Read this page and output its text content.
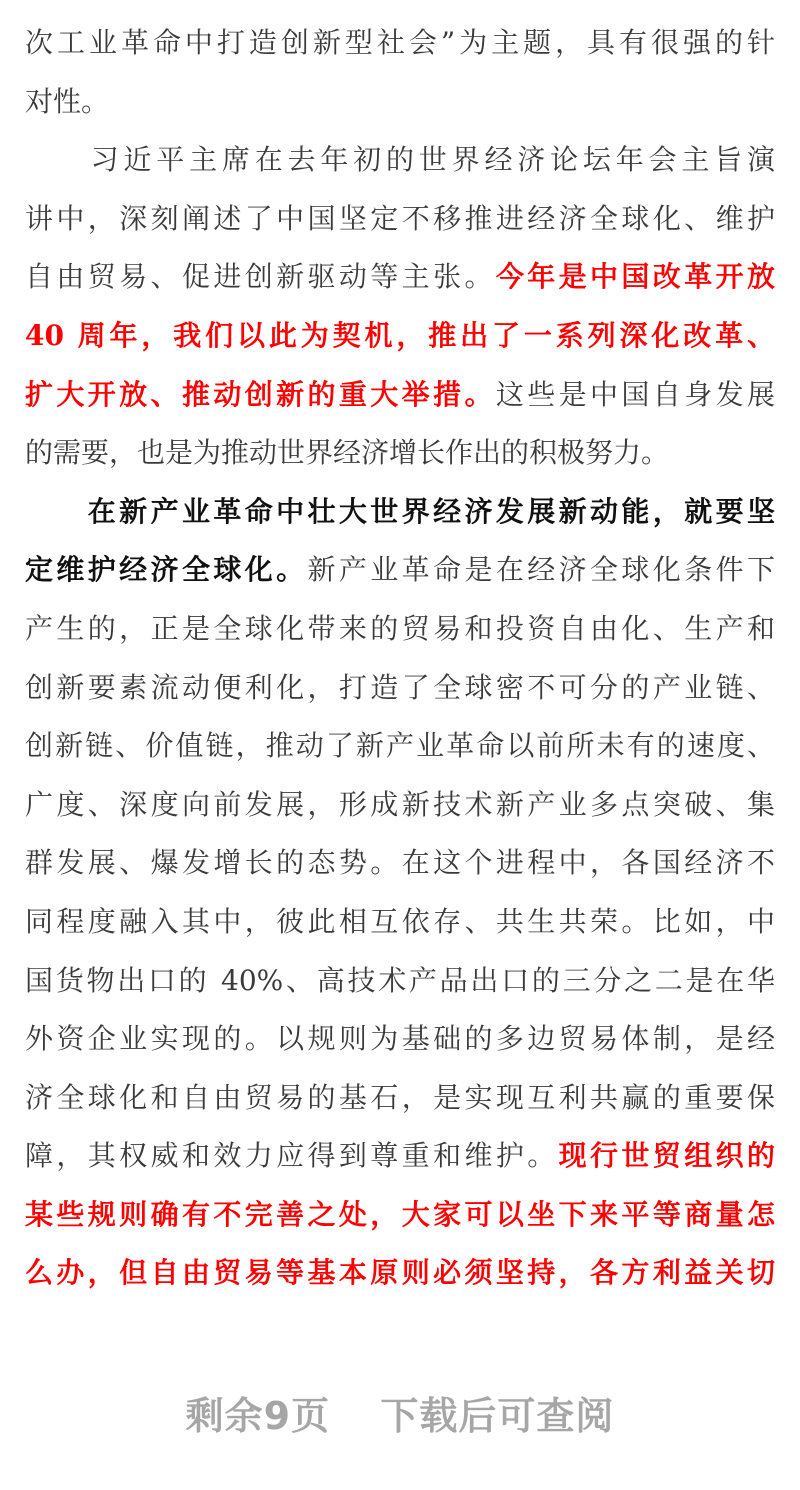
次工业革命中打造创新型社会”为主题，具有很强的针
对性。
　　习近平主席在去年初的世界经济论坛年会主旨演
讲中，深刻阐述了中国坚定不移推进经济全球化、维护
自由贸易、促进创新驱动等主张。今年是中国改革开放
40 周年，我们以此为契机，推出了一系列深化改革、
扩大开放、推动创新的重大举措。这些是中国自身发展
的需要，也是为推动世界经济增长作出的积极努力。
　　在新产业革命中壮大世界经济发展新动能，就要坚
定维护经济全球化。新产业革命是在经济全球化条件下
产生的，正是全球化带来的贸易和投资自由化、生产和
创新要素流动便利化，打造了全球密不可分的产业链、
创新链、价值链，推动了新产业革命以前所未有的速度、
广度、深度向前发展，形成新技术新产业多点突破、集
群发展、爆发增长的态势。在这个进程中，各国经济不
同程度融入其中，彼此相互依存、共生共荣。比如，中
国货物出口的 40%、高技术产品出口的三分之二是在华
外资企业实现的。以规则为基础的多边贸易体制，是经
济全球化和自由贸易的基石，是实现互利共赢的重要保
障，其权威和效力应得到尊重和维护。现行世贸组织的
某些规则确有不完善之处，大家可以坐下来平等商量怎
么办，但自由贸易等基本原则必须坚持，各方利益关切
剩余9页 下载后可查阅
